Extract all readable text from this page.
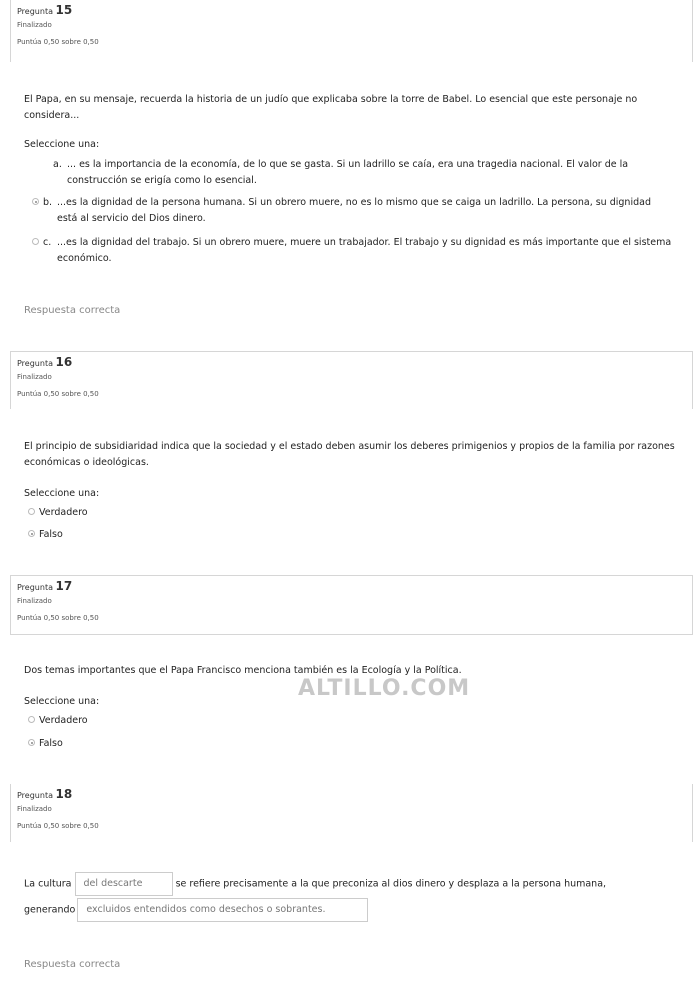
Pregunta 15
Finalizado
Puntúa 0,50 sobre 0,50
El Papa, en su mensaje, recuerda la historia de un judío que explicaba sobre la torre de Babel. Lo esencial que este personaje no considera...
Seleccione una:
a. ... es la importancia de la economía, de lo que se gasta. Si un ladrillo se caía, era una tragedia nacional. El valor de la construcción se erigía como lo esencial.
b. ...es la dignidad de la persona humana. Si un obrero muere, no es lo mismo que se caiga un ladrillo. La persona, su dignidad está al servicio del Dios dinero.
c. ...es la dignidad del trabajo. Si un obrero muere, muere un trabajador. El trabajo y su dignidad es más importante que el sistema económico.
Respuesta correcta
Pregunta 16
Finalizado
Puntúa 0,50 sobre 0,50
El principio de subsidiaridad indica que la sociedad y el estado deben asumir los deberes primigenios y propios de la familia por razones económicas o ideológicas.
Seleccione una:
Verdadero
Falso
Pregunta 17
Finalizado
Puntúa 0,50 sobre 0,50
Dos temas importantes que el Papa Francisco menciona también es la Ecología y la Política.
ALTILLO.COM
Seleccione una:
Verdadero
Falso
Pregunta 18
Finalizado
Puntúa 0,50 sobre 0,50
La cultura del descarte	se refiere precisamente a la que preconiza al dios dinero y desplaza a la persona humana,
generando excluidos entendidos como desechos o sobrantes.
Respuesta correcta
